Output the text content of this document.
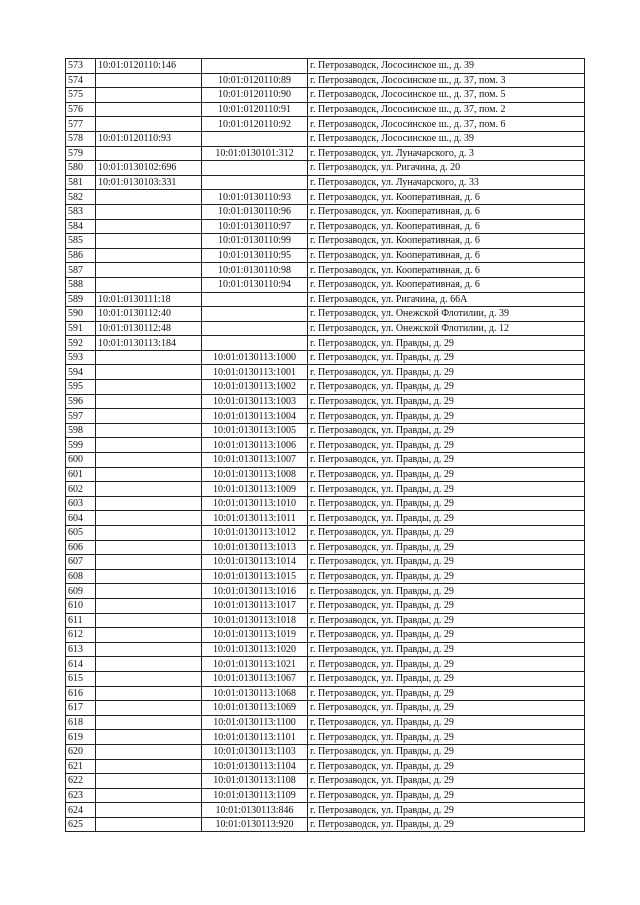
573	10:01:0120110:146		г. Петрозаводск, Лососинское ш., д. 39
574		10:01:0120110:89	г. Петрозаводск, Лососинское ш., д. 37, пом. 3
575		10:01:0120110:90	г. Петрозаводск, Лососинское ш., д. 37, пом. 5
576		10:01:0120110:91	г. Петрозаводск, Лососинское ш., д. 37, пом. 2
577		10:01:0120110:92	г. Петрозаводск, Лососинское ш., д. 37, пом. 6
578	10:01:0120110:93		г. Петрозаводск, Лососинское ш., д. 39
579		10:01:0130101:312	г. Петрозаводск, ул. Луначарского, д. 3
580	10:01:0130102:696		г. Петрозаводск, ул. Ригачина, д. 20
581	10:01:0130103:331		г. Петрозаводск, ул. Луначарского, д. 33
582		10:01:0130110:93	г. Петрозаводск, ул. Кооперативная, д. 6
583		10:01:0130110:96	г. Петрозаводск, ул. Кооперативная, д. 6
584		10:01:0130110:97	г. Петрозаводск, ул. Кооперативная, д. 6
585		10:01:0130110:99	г. Петрозаводск, ул. Кооперативная, д. 6
586		10:01:0130110:95	г. Петрозаводск, ул. Кооперативная, д. 6
587		10:01:0130110:98	г. Петрозаводск, ул. Кооперативная, д. 6
588		10:01:0130110:94	г. Петрозаводск, ул. Кооперативная, д. 6
589	10:01:0130111:18		г. Петрозаводск, ул. Ригачина, д. 66А
590	10:01:0130112:40		г. Петрозаводск, ул. Онежской Флотилии, д. 39
591	10:01:0130112:48		г. Петрозаводск, ул. Онежской Флотилии, д. 12
592	10:01:0130113:184		г. Петрозаводск, ул. Правды, д. 29
593		10:01:0130113:1000	г. Петрозаводск, ул. Правды, д. 29
594		10:01:0130113:1001	г. Петрозаводск, ул. Правды, д. 29
595		10:01:0130113:1002	г. Петрозаводск, ул. Правды, д. 29
596		10:01:0130113:1003	г. Петрозаводск, ул. Правды, д. 29
597		10:01:0130113:1004	г. Петрозаводск, ул. Правды, д. 29
598		10:01:0130113:1005	г. Петрозаводск, ул. Правды, д. 29
599		10:01:0130113:1006	г. Петрозаводск, ул. Правды, д. 29
600		10:01:0130113:1007	г. Петрозаводск, ул. Правды, д. 29
601		10:01:0130113:1008	г. Петрозаводск, ул. Правды, д. 29
602		10:01:0130113:1009	г. Петрозаводск, ул. Правды, д. 29
603		10:01:0130113:1010	г. Петрозаводск, ул. Правды, д. 29
604		10:01:0130113:1011	г. Петрозаводск, ул. Правды, д. 29
605		10:01:0130113:1012	г. Петрозаводск, ул. Правды, д. 29
606		10:01:0130113:1013	г. Петрозаводск, ул. Правды, д. 29
607		10:01:0130113:1014	г. Петрозаводск, ул. Правды, д. 29
608		10:01:0130113:1015	г. Петрозаводск, ул. Правды, д. 29
609		10:01:0130113:1016	г. Петрозаводск, ул. Правды, д. 29
610		10:01:0130113:1017	г. Петрозаводск, ул. Правды, д. 29
611		10:01:0130113:1018	г. Петрозаводск, ул. Правды, д. 29
612		10:01:0130113:1019	г. Петрозаводск, ул. Правды, д. 29
613		10:01:0130113:1020	г. Петрозаводск, ул. Правды, д. 29
614		10:01:0130113:1021	г. Петрозаводск, ул. Правды, д. 29
615		10:01:0130113:1067	г. Петрозаводск, ул. Правды, д. 29
616		10:01:0130113:1068	г. Петрозаводск, ул. Правды, д. 29
617		10:01:0130113:1069	г. Петрозаводск, ул. Правды, д. 29
618		10:01:0130113:1100	г. Петрозаводск, ул. Правды, д. 29
619		10:01:0130113:1101	г. Петрозаводск, ул. Правды, д. 29
620		10:01:0130113:1103	г. Петрозаводск, ул. Правды, д. 29
621		10:01:0130113:1104	г. Петрозаводск, ул. Правды, д. 29
622		10:01:0130113:1108	г. Петрозаводск, ул. Правды, д. 29
623		10:01:0130113:1109	г. Петрозаводск, ул. Правды, д. 29
624		10:01:0130113:846	г. Петрозаводск, ул. Правды, д. 29
625		10:01:0130113:920	г. Петрозаводск, ул. Правды, д. 29
